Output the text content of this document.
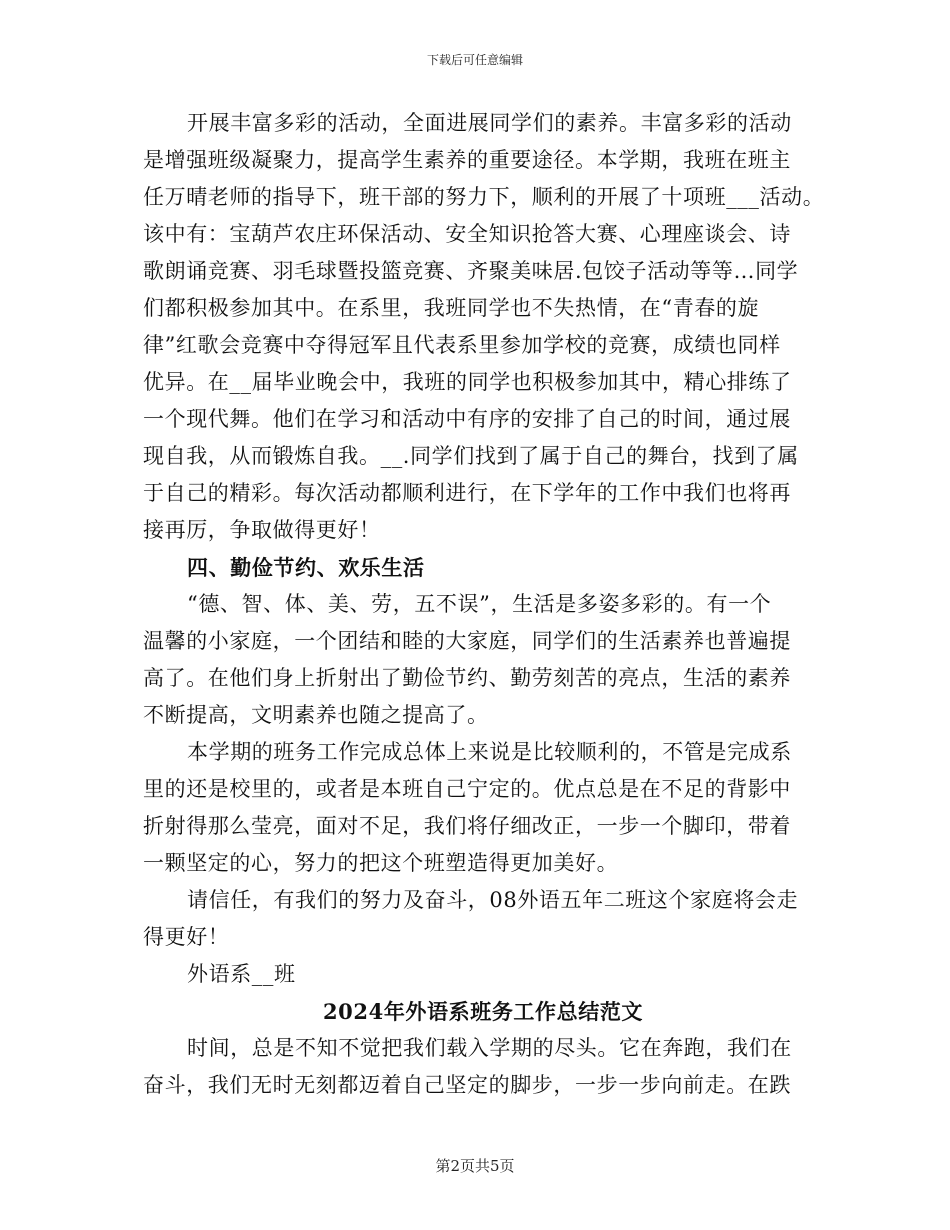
下载后可任意编辑
开展丰富多彩的活动，全面进展同学们的素养。丰富多彩的活动
是增强班级凝聚力，提高学生素养的重要途径。本学期，我班在班主
任万晴老师的指导下，班干部的努力下，顺利的开展了十项班___活动。
该中有：宝葫芦农庄环保活动、安全知识抢答大赛、心理座谈会、诗
歌朗诵竞赛、羽毛球暨投篮竞赛、齐聚美味居.包饺子活动等等…同学
们都积极参加其中。在系里，我班同学也不失热情，在“青春的旋
律”红歌会竞赛中夺得冠军且代表系里参加学校的竞赛，成绩也同样
优异。在__届毕业晚会中，我班的同学也积极参加其中，精心排练了
一个现代舞。他们在学习和活动中有序的安排了自己的时间，通过展
现自我，从而锻炼自我。__.同学们找到了属于自己的舞台，找到了属
于自己的精彩。每次活动都顺利进行，在下学年的工作中我们也将再
接再厉，争取做得更好！
四、勤俭节约、欢乐生活
“德、智、体、美、劳，五不误”，生活是多姿多彩的。有一个
温馨的小家庭，一个团结和睦的大家庭，同学们的生活素养也普遍提
高了。在他们身上折射出了勤俭节约、勤劳刻苦的亮点，生活的素养
不断提高，文明素养也随之提高了。
本学期的班务工作完成总体上来说是比较顺利的，不管是完成系
里的还是校里的，或者是本班自己宁定的。优点总是在不足的背影中
折射得那么莹亮，面对不足，我们将仔细改正，一步一个脚印，带着
一颗坚定的心，努力的把这个班塑造得更加美好。
请信任，有我们的努力及奋斗，08外语五年二班这个家庭将会走
得更好！
外语系__班
2024年外语系班务工作总结范文
时间，总是不知不觉把我们载入学期的尽头。它在奔跑，我们在
奋斗，我们无时无刻都迈着自己坚定的脚步，一步一步向前走。在跌
第2页共5页
